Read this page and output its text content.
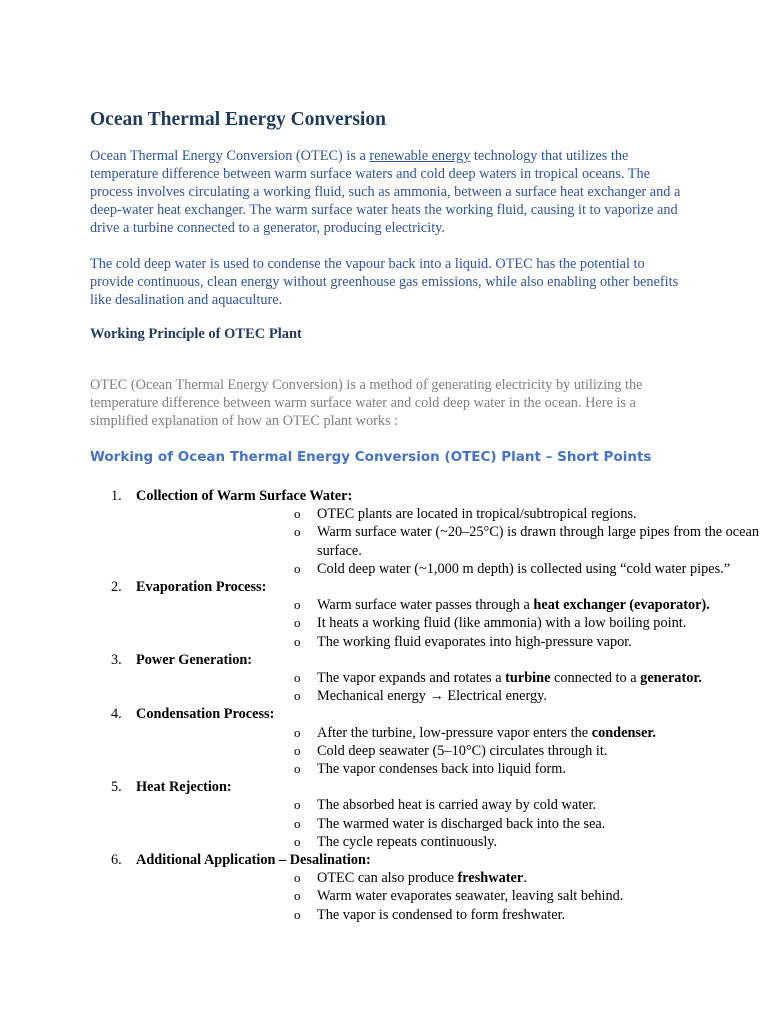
Ocean Thermal Energy Conversion

Ocean Thermal Energy Conversion (OTEC) is a renewable energy technology that utilizes the temperature difference between warm surface waters and cold deep waters in tropical oceans. The process involves circulating a working fluid, such as ammonia, between a surface heat exchanger and a deep-water heat exchanger. The warm surface water heats the working fluid, causing it to vaporize and drive a turbine connected to a generator, producing electricity.

The cold deep water is used to condense the vapour back into a liquid. OTEC has the potential to provide continuous, clean energy without greenhouse gas emissions, while also enabling other benefits like desalination and aquaculture.

Working Principle of OTEC Plant

OTEC (Ocean Thermal Energy Conversion) is a method of generating electricity by utilizing the temperature difference between warm surface water and cold deep water in the ocean. Here is a simplified explanation of how an OTEC plant works :

Working of Ocean Thermal Energy Conversion (OTEC) Plant – Short Points
1. Collection of Warm Surface Water:
o OTEC plants are located in tropical/subtropical regions.
o Warm surface water (~20–25°C) is drawn through large pipes from the ocean surface.
o Cold deep water (~1,000 m depth) is collected using “cold water pipes.”
2. Evaporation Process:
o Warm surface water passes through a heat exchanger (evaporator).
o It heats a working fluid (like ammonia) with a low boiling point.
o The working fluid evaporates into high-pressure vapor.
3. Power Generation:
o The vapor expands and rotates a turbine connected to a generator.
o Mechanical energy → Electrical energy.
4. Condensation Process:
o After the turbine, low-pressure vapor enters the condenser.
o Cold deep seawater (5–10°C) circulates through it.
o The vapor condenses back into liquid form.
5. Heat Rejection:
o The absorbed heat is carried away by cold water.
o The warmed water is discharged back into the sea.
o The cycle repeats continuously.
6. Additional Application – Desalination:
o OTEC can also produce freshwater.
o Warm water evaporates seawater, leaving salt behind.
o The vapor is condensed to form freshwater.
